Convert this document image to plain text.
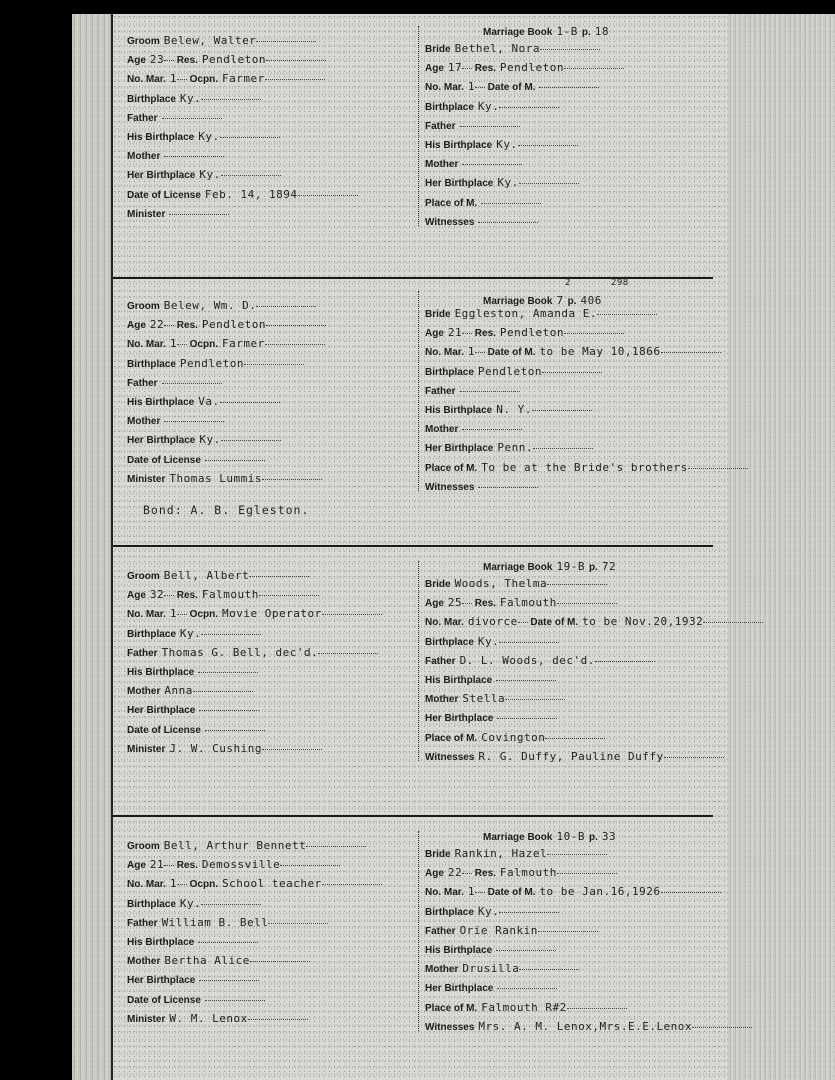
Marriage Book 1-B p. 18
Groom Belew, Walter
Age 23 Res. Pendleton
No. Mar. 1 Ocpn. Farmer
Birthplace Ky.
Father
His Birthplace Ky.
Mother
Her Birthplace Ky.
Date of License Feb. 14, 1894
Minister
Bride Bethel, Nora
Age 17 Res. Pendleton
No. Mar. 1 Date of M.
Birthplace Ky.
Father
His Birthplace Ky.
Mother
Her Birthplace Ky.
Place of M.
Witnesses
Marriage Book 7 p. 406
2	298
Groom Belew, Wm. D.
Age 22 Res. Pendleton
No. Mar. 1 Ocpn. Farmer
Birthplace Pendleton
Father
His Birthplace Va.
Mother
Her Birthplace Ky.
Date of License
Minister Thomas Lummis
Bride Eggleston, Amanda E.
Age 21 Res. Pendleton
No. Mar. 1 Date of M. to be May 10,1866
Birthplace Pendleton
Father
His Birthplace N. Y.
Mother
Her Birthplace Penn.
Place of M. To be at the Bride's brothers
Witnesses
Bond: A. B. Egleston.
Marriage Book 19-B p. 72
Groom Bell, Albert
Age 32 Res. Falmouth
No. Mar. 1 Ocpn. Movie Operator
Birthplace Ky.
Father Thomas G. Bell, dec'd.
His Birthplace
Mother Anna
Her Birthplace
Date of License
Minister J. W. Cushing
Bride Woods, Thelma
Age 25 Res. Falmouth
No. Mar. divorce Date of M. to be Nov.20,1932
Birthplace Ky.
Father D. L. Woods, dec'd.
His Birthplace
Mother Stella
Her Birthplace
Place of M. Covington
Witnesses R. G. Duffy, Pauline Duffy
Marriage Book 10-B p. 33
Groom Bell, Arthur Bennett
Age 21 Res. Demossville
No. Mar. 1 Ocpn. School teacher
Birthplace Ky.
Father William B. Bell
His Birthplace
Mother Bertha Alice
Her Birthplace
Date of License
Minister W. M. Lenox
Bride Rankin, Hazel
Age 22 Res. Falmouth
No. Mar. 1 Date of M. to be Jan.16,1926
Birthplace Ky.
Father Orie Rankin
His Birthplace
Mother Drusilla
Her Birthplace
Place of M. Falmouth R#2
Witnesses Mrs. A. M. Lenox,Mrs.E.E.Lenox
